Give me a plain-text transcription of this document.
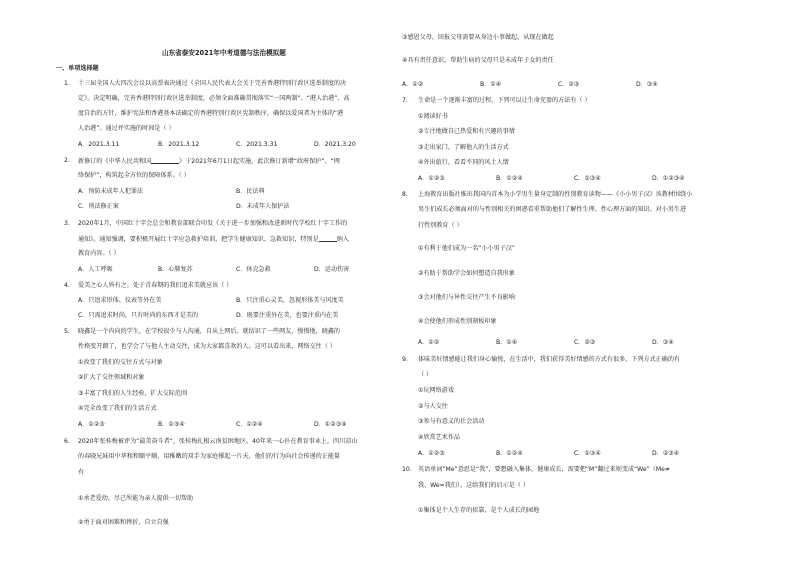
山东省泰安2021年中考道德与法治模拟题
一、单项选择题
1. 十三届全国人大四次会议以高票表决通过《全国人民代表大会关于完善香港特别行政区选举制度的决
定》。决定明确，完善香港特别行政区选举制度，必须全面准确贯彻落实“一国两制”、“港人治港”、高
度自治的方针，维护宪法和香港基本法确定的香港特别行政区宪制秩序，确保以爱国者为主体的“港
人治港”。通过并实施的时间是（ ）
A．2021.3.11	B．2021.3.12	C．2021.3.31	D．2021.3.20
2. 新修订的《中华人民共和国	》于2021年6月1日起实施，此次修订新增“政府保护”、“网
络保护”，构筑起全方位的保障体系。（ ）
A．预防未成年人犯罪法	B．民法典
C．刑法修正案	D．未成年人保护法
3. 2020年1月，中国红十字会总会和教育部联合印发《关于进一步加强和改进新时代学校红十字工作的
通知》。通知强调，要积极开展红十字应急救护培训，把学生健康知识、急救知识，特别是	纳入
教育内容。（ ）
A．人工呼吸	B．心肺复苏	C．休克急救	D．运动伤害
4. 爱美之心人皆有之。处于青春期的我们追求美就应该（ ）
A．只追求形体、仪表等外在美	B．只注重心灵美，忽视形体美与风度美
C．只需追求时尚，只有时尚的东西才是美的	D．既要注重外在美，也要注重内在美
5. 晓鑫是一个内向的学生，在学校很少与人沟通，自从上网后，就结识了一些网友，慢慢地，晓鑫的
性格变开朗了，也学会了与他人主动交往，成为大家都喜欢的人。这可以看出来，网络交往（ ）
①改变了我们的交往方式与对象
②扩大了交往领域和对象
③丰富了我们的人生经验，扩大交际范围
④完全改变了我们的生活方式
A．①②③	B．①③④	C．①②④	D．①②③④
6. 2020年张桂梅被评为“最美奋斗者”，张桂梅扎根云南贫困地区，40年来一心扑在教育事业上，四川凉山
的春晓兄妹用中华和和顺平顺，用稚嫩的双手为家庭撑起一片天，他们的行为向社会传递的正能量
有
①承老爱幼，尽己所能为亲人提供一切帮助
②勇于面对困难和挫折，自立自强
③感恩父母，回报父母需要从身边小事做起，从现在做起
④具有责任意识，帮助生病的父母只是未成年子女的责任
A．①②	B．①④	C．②③	D．③④
7. 生命是一个逐渐丰富的过程，下列可以让生命充盈的方法有（ ）
①阅读好书
②专注地做自己热爱和有兴趣的事情
③走出家门，了解他人的生活方式
④外出旅行，看看不同的风土人情
A．①②③	B．①②④	C．①③④	D．①②③④
8. 上海教育出版社推出我国内首本为小学男生量身定制的性别教育读物——《小小男子汉》该教材围绕小
男生们成长必须面对的与性别相关的困惑看重帮助他们了解性生理、性心理方面的知识。对小男生进
行性别教育（ ）
①有利于他们成为一名“小小男子汉”
②有助于帮助学会如何塑造自我形象
③会对他们与异性交往产生不良影响
④会使他们形成性别刻板印象
A．①②	B．①④	C．②③	D．③④
9. 体味美好情感能让我们身心愉悦，在生活中，我们获得美好情感的方式有很多，下列方式正确的有
（ ）
①玩网络游戏
②与人交往
③参与有意义的社会活动
④欣赏艺术作品
A．①②③	B．①②④	C．①③④	D．②③④
10. 英语单词“Me”意思是“我”，要想融入集体，健康成长，需要把“M”翻过来则变成“We”（Me≠
我，We=我们）。这给我们的启示是（ ）
①集体是个人生存的依靠，是个人成长的园地
